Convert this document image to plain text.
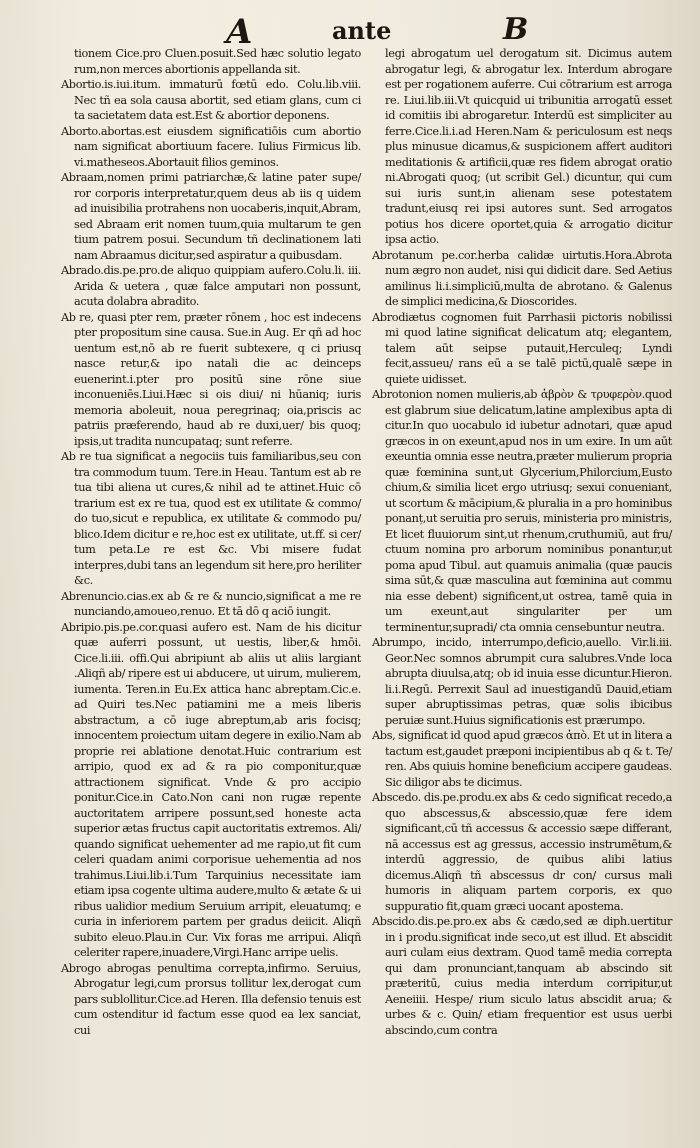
A	ante	B

tionem Cice.pro Cluen.posuit.Sed hæc solutio legato rum,non merces abortionis appellanda sit.

Abortio.is.iui.itum. immaturū fœtū edo. Colu.lib.viii. Nec tñ ea sola causa abortit, sed etiam glans, cum ci ta sacietatem data est.Est & abortior deponens.

Aborto.abortas.est eiusdem significatiōis cum abortio nam significat abortiuum facere. Iulius Firmicus lib. vi.matheseos.Abortauit filios geminos.

Abraam,nomen primi patriarchæ,& latine pater supe/ ror corporis interpretatur,quem deus ab iis q uidem ad inuisibilia protrahens non uocaberis,inquit,Abram, sed Abraam erit nomen tuum,quia multarum te gen tium patrem posui. Secundum tñ declinationem lati nam Abraamus dicitur,sed aspiratur a quibusdam.

Abrado.dis.pe.pro.de aliquo quippiam aufero.Colu.li. iii. Arida & uetera , quæ falce amputari non possunt, acuta dolabra abradito.

Ab re, quasi pter rem, præter rōnem , hoc est indecens pter propositum sine causa. Sue.in Aug. Er qñ ad hoc uentum est,nō ab re fuerit subtexere, q ci priusq nasce retur,& ipo natali die ac deinceps euenerint.i.pter pro positū sine rōne siue inconueniēs.Liui.Hæc si ois diui/ ni hūaniq; iuris memoria aboleuit, noua peregrinaq; oia,priscis ac patriis præferendo, haud ab re duxi,uer/ bis quoq; ipsis,ut tradita nuncupataq; sunt referre.

Ab re tua significat a negociis tuis familiaribus,seu con tra commodum tuum. Tere.in Heau. Tantum est ab re tua tibi aliena ut cures,& nihil ad te attinet.Huic cō trarium est ex re tua, quod est ex utilitate & commo/ do tuo,sicut e republica, ex utilitate & commodo pu/ blico.Idem dicitur e re,hoc est ex utilitate, ut.ff. si cer/ tum peta.Le re est &c. Vbi misere fudat interpres,dubi tans an legendum sit here,pro heriliter &c.

Abrenuncio.cias.ex ab & re & nuncio,significat a me re nunciando,amoueo,renuo. Et tā dō q aciō iungit.

Abripio.pis.pe.cor.quasi aufero est. Nam de his dicitur quæ auferri possunt, ut uestis, liber,& hmōi. Cice.li.iii. offi.Qui abripiunt ab aliis ut aliis largiant .Aliqñ ab/ ripere est ui abducere, ut uirum, mulierem, iumenta. Teren.in Eu.Ex attica hanc abreptam.Cic.e. ad Quiri tes.Nec patiamini me a meis liberis abstractum, a cō iuge abreptum,ab aris focisq; innocentem proiectum uitam degere in exilio.Nam ab proprie rei ablatione denotat.Huic contrarium est arripio, quod ex ad & ra pio componitur,quæ attractionem significat. Vnde & pro accipio ponitur.Cice.in Cato.Non cani non rugæ repente auctoritatem arripere possunt,sed honeste acta superior ætas fructus capit auctoritatis extremos. Ali/ quando significat uehementer ad me rapio,ut fit cum celeri quadam animi corporisue uehementia ad nos trahimus.Liui.lib.i.Tum Tarquinius necessitate iam etiam ipsa cogente ultima audere,multo & ætate & ui ribus ualidior medium Seruium arripit, eleuatumq; e curia in inferiorem partem per gradus deiicit. Aliqñ subito eleuo.Plau.in Cur. Vix foras me arripui. Aliqñ celeriter rapere,inuadere,Virgi.Hanc arripe uelis.

Abrogo abrogas penultima correpta,infirmo. Seruius, Abrogatur legi,cum prorsus tollitur lex,derogat cum pars sublollitur.Cice.ad Heren. Illa defensio tenuis est cum ostenditur id factum esse quod ea lex sanciat, cui

legi abrogatum uel derogatum sit. Dicimus autem abrogatur legi, & abrogatur lex. Interdum abrogare est per rogationem auferre. Cui cōtrarium est arroga re. Liui.lib.iii.Vt quicquid ui tribunitia arrogatū esset id comitiis ibi abrogaretur. Interdū est simpliciter au ferre.Cice.li.i.ad Heren.Nam & periculosum est neqs plus minusue dicamus,& suspicionem affert auditori meditationis & artificii,quæ res fidem abrogat oratio ni.Abrogati quoq; (ut scribit Gel.) dicuntur, qui cum sui iuris sunt,in alienam sese potestatem tradunt,eiusq rei ipsi autores sunt. Sed arrogatos potius hos dicere oportet,quia & arrogatio dicitur ipsa actio.

Abrotanum pe.cor.herba calidæ uirtutis.Hora.Abrota num ægro non audet, nisi qui didicit dare. Sed Aetius amilinus li.i.simpliciū,multa de abrotano. & Galenus de simplici medicina,& Dioscorides.

Abrodiætus cognomen fuit Parrhasii pictoris nobilissi mi quod latine significat delicatum atq; elegantem, talem aūt seipse putauit,Herculeq; Lyndi fecit,assueu/ rans eū a se talē pictū,qualē sæpe in quiete uidisset.

Abrotonion nomen mulieris,ab ἁβρὸν & τρυφερὸν.quod est glabrum siue delicatum,latine amplexibus apta di citur.In quo uocabulo id iubetur adnotari, quæ apud græcos in on exeunt,apud nos in um exire. In um aūt exeuntia omnia esse neutra,præter mulierum propria quæ fœminina sunt,ut Glycerium,Philorcium,Eusto chium,& similia licet ergo utriusq; sexui conueniant, ut scortum & mācipium,& pluralia in a pro hominibus ponanț,ut seruitia pro seruis, ministeria pro ministris, Et licet fluuiorum sint,ut rhenum,cruthumiū, aut fru/ ctuum nomina pro arborum nominibus ponantur,ut poma apud Tibul. aut quamuis animalia (quæ paucis sima sūt,& quæ masculina aut fœminina aut commu nia esse debent) significent,ut ostrea, tamē quia in um exeunt,aut singulariter per um terminentur,supradi/ cta omnia censebuntur neutra.

Abrumpo, incido, interrumpo,deficio,auello. Vir.li.iii. Geor.Nec somnos abrumpit cura salubres.Vnde loca abrupta diuulsa,atq; ob id inuia esse dicuntur.Hieron. li.i.Regū. Perrexit Saul ad inuestigandū Dauid,etiam super abruptissimas petras, quæ solis ibicibus peruiæ sunt.Huius significationis est prærumpo.

Abs, significat id quod apud græcos ἀπὸ. Et ut in litera a tactum est,gaudet præponi incipientibus ab q & t. Te/ ren. Abs quiuis homine beneficium accipere gaudeas. Sic diligor abs te dicimus.

Abscedo. dis.pe.produ.ex abs & cedo significat recedo,a quo abscessus,& abscessio,quæ fere idem significant,cū tñ accessus & accessio sæpe differant, nā accessus est ag gressus, accessio instrumētum,& interdū aggressio, de quibus alibi latius dicemus.Aliqñ tñ abscessus dr con/ cursus mali humoris in aliquam partem corporis, ex quo suppuratio fit,quam græci uocant apostema.

Abscido.dis.pe.pro.ex abs & cædo,sed æ diph.uertitur in i produ.significat inde seco,ut est illud. Et abscidit auri culam eius dextram. Quod tamē media correpta qui dam pronunciant,tanquam ab abscindo sit præteritū, cuius media interdum corripitur,ut Aeneiiii. Hespe/ rium siculo latus abscidit arua; & urbes & c. Quin/ etiam frequentior est usus uerbi abscindo,cum contra
